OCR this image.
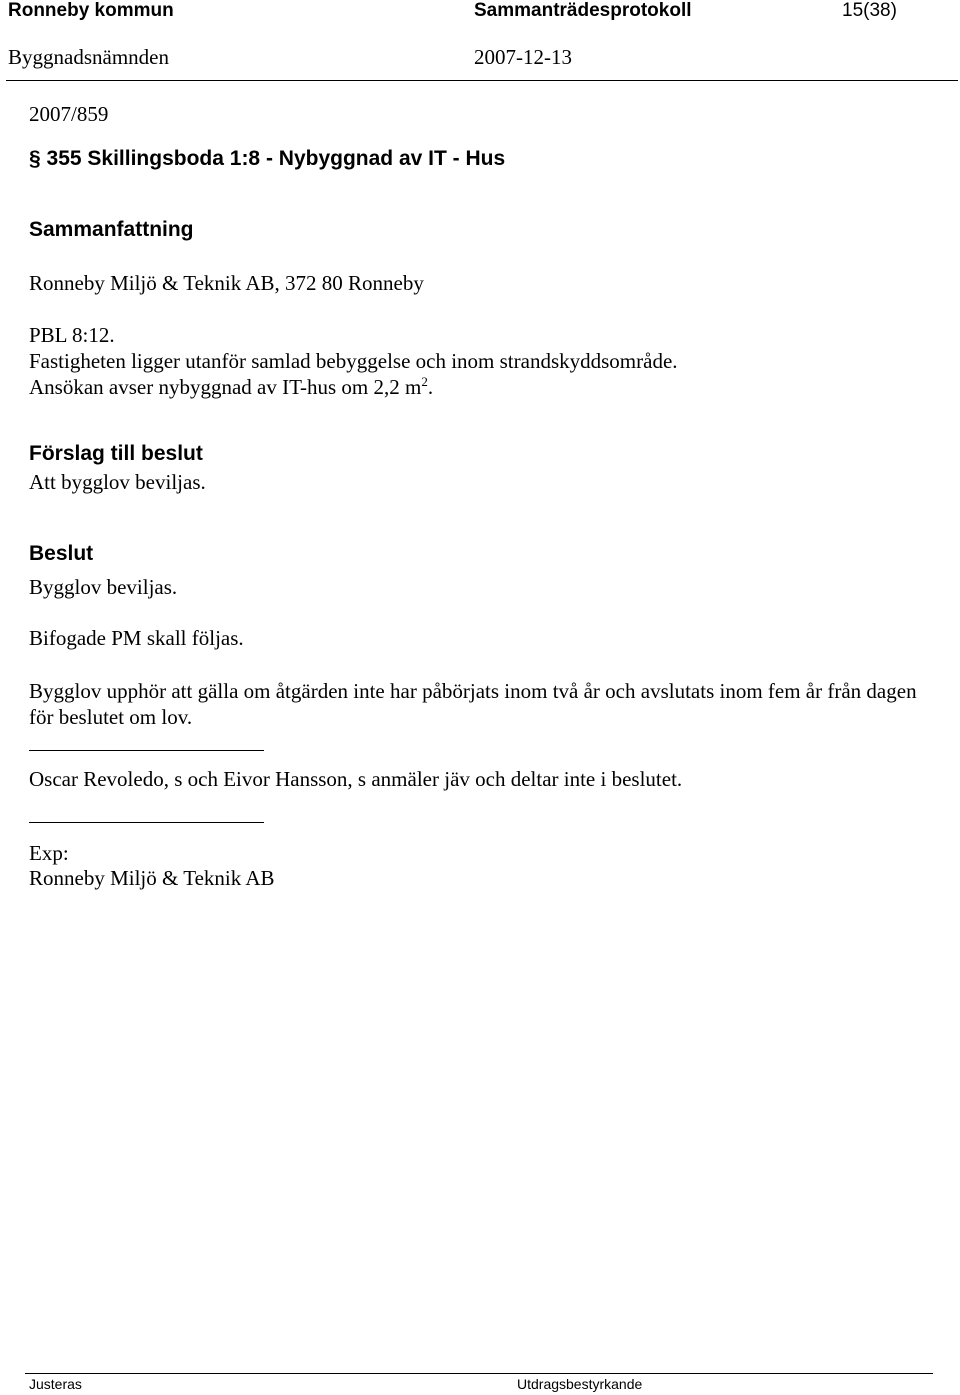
Ronneby kommun	Sammanträdesprotokoll	15(38)
Byggnadsnämnden	2007-12-13
2007/859
§ 355 Skillingsboda 1:8 - Nybyggnad av IT - Hus
Sammanfattning
Ronneby Miljö & Teknik AB, 372 80 Ronneby
PBL 8:12.
Fastigheten ligger utanför samlad bebyggelse och inom strandskyddsområde.
Ansökan avser nybyggnad av IT-hus om 2,2 $m^2$.
Förslag till beslut
Att bygglov beviljas.
Beslut
Bygglov beviljas.
Bifogade PM skall följas.
Bygglov upphör att gälla om åtgärden inte har påbörjats inom två år och avslutats inom fem år från dagen för beslutet om lov.
Oscar Revoledo, s och Eivor Hansson, s anmäler jäv och deltar inte i beslutet.
Exp:
Ronneby Miljö & Teknik AB
Justeras	Utdragsbestyrkande
